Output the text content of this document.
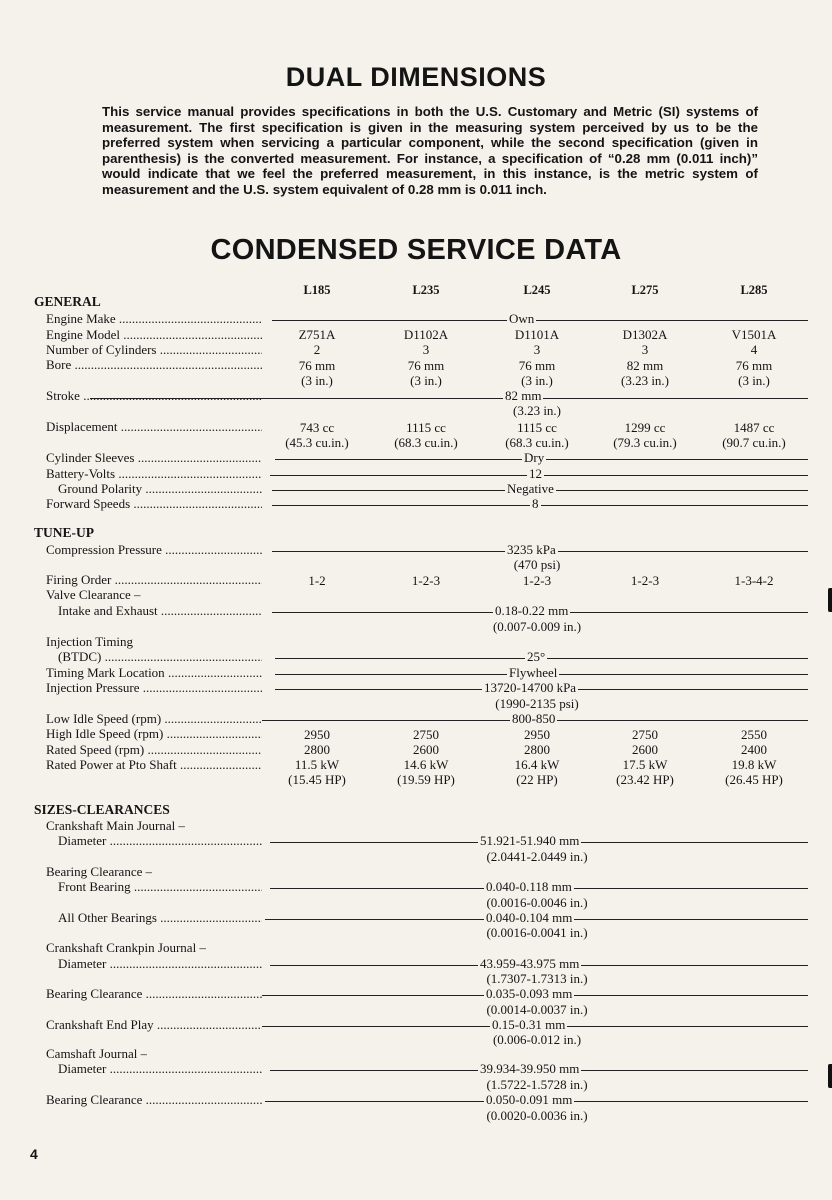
DUAL DIMENSIONS

This service manual provides specifications in both the U.S. Customary and Metric (SI) systems of measurement. The first specification is given in the measuring system perceived by us to be the preferred system when servicing a particular component, while the second specification (given in parenthesis) is the converted measurement. For instance, a specification of “0.28 mm (0.011 inch)” would indicate that we feel the preferred measurement, in this instance, is the metric system of measurement and the U.S. system equivalent of 0.28 mm is 0.011 inch.

CONDENSED SERVICE DATA
L185	L235	L245	L275	L285
GENERAL
TUNE-UP
SIZES-CLEARANCES
Engine Make .....	Own
Engine Model .....	Z751A	D1102A	D1101A	D1302A	V1501A
Number of Cylinders .....	2	3	3	3	4
Bore .....	76 mm	76 mm	76 mm	82 mm	76 mm
(3 in.)	(3 in.)	(3 in.)	(3.23 in.)	(3 in.)
Stroke .....	82 mm
(3.23 in.)
Displacement .....	743 cc	1115 cc	1115 cc	1299 cc	1487 cc
(45.3 cu.in.)	(68.3 cu.in.)	(68.3 cu.in.)	(79.3 cu.in.)	(90.7 cu.in.)
Cylinder Sleeves .....	Dry
Battery-Volts .....	12
Ground Polarity .....	Negative
Forward Speeds .....	8
Compression Pressure .....	3235 kPa
(470 psi)
Firing Order .....	1-2	1-2-3	1-2-3	1-2-3	1-3-4-2
Valve Clearance –
Intake and Exhaust .....	0.18-0.22 mm
(0.007-0.009 in.)
Injection Timing
(BTDC) .....	25°
Timing Mark Location .....	Flywheel
Injection Pressure .....	13720-14700 kPa
(1990-2135 psi)
Low Idle Speed (rpm) .....	800-850
High Idle Speed (rpm) .....	2950	2750	2950	2750	2550
Rated Speed (rpm) .....	2800	2600	2800	2600	2400
Rated Power at Pto Shaft .....	11.5 kW	14.6 kW	16.4 kW	17.5 kW	19.8 kW
(15.45 HP)	(19.59 HP)	(22 HP)	(23.42 HP)	(26.45 HP)
Crankshaft Main Journal –
Diameter .....	51.921-51.940 mm
(2.0441-2.0449 in.)
Bearing Clearance –
Front Bearing .....	0.040-0.118 mm
(0.0016-0.0046 in.)
All Other Bearings .....	0.040-0.104 mm
(0.0016-0.0041 in.)
Crankshaft Crankpin Journal –
Diameter .....	43.959-43.975 mm
(1.7307-1.7313 in.)
Bearing Clearance .....	0.035-0.093 mm
(0.0014-0.0037 in.)
Crankshaft End Play .....	0.15-0.31 mm
(0.006-0.012 in.)
Camshaft Journal –
Diameter .....	39.934-39.950 mm
(1.5722-1.5728 in.)
Bearing Clearance .....	0.050-0.091 mm
(0.0020-0.0036 in.)
4
